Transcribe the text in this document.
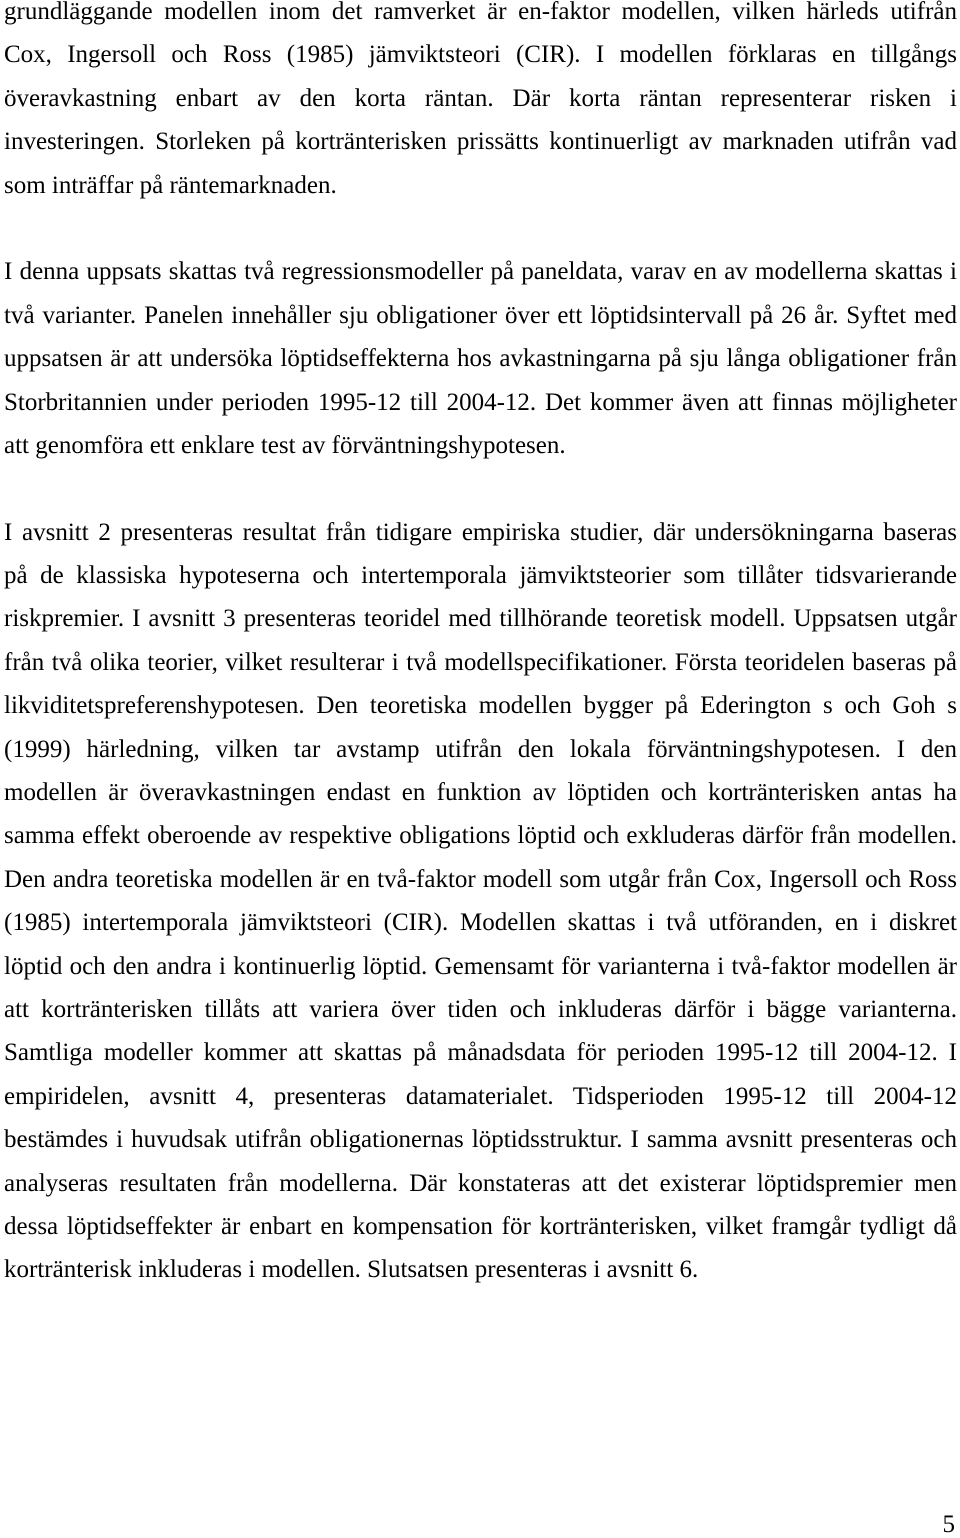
grundläggande modellen inom det ramverket är en-faktor modellen, vilken härleds utifrån
Cox, Ingersoll och Ross (1985) jämviktsteori (CIR). I modellen förklaras en tillgångs
överavkastning enbart av den korta räntan. Där korta räntan representerar risken i
investeringen. Storleken på kortränterisken prissätts kontinuerligt av marknaden utifrån vad
som inträffar på räntemarknaden.
I denna uppsats skattas två regressionsmodeller på paneldata, varav en av modellerna skattas i
två varianter. Panelen innehåller sju obligationer över ett löptidsintervall på 26 år. Syftet med
uppsatsen är att undersöka löptidseffekterna hos avkastningarna på sju långa obligationer från
Storbritannien under perioden 1995-12 till 2004-12. Det kommer även att finnas möjligheter
att genomföra ett enklare test av förväntningshypotesen.
I avsnitt 2 presenteras resultat från tidigare empiriska studier, där undersökningarna baseras
på de klassiska hypoteserna och intertemporala jämviktsteorier som tillåter tidsvarierande
riskpremier. I avsnitt 3 presenteras teoridel med tillhörande teoretisk modell. Uppsatsen utgår
från två olika teorier, vilket resulterar i två modellspecifikationer. Första teoridelen baseras på
likviditetspreferenshypotesen. Den teoretiska modellen bygger på Ederington s och Goh s
(1999) härledning, vilken tar avstamp utifrån den lokala förväntningshypotesen. I den
modellen är överavkastningen endast en funktion av löptiden och kortränterisken antas ha
samma effekt oberoende av respektive obligations löptid och exkluderas därför från modellen.
Den andra teoretiska modellen är en två-faktor modell som utgår från Cox, Ingersoll och Ross
(1985) intertemporala jämviktsteori (CIR). Modellen skattas i två utföranden, en i diskret
löptid och den andra i kontinuerlig löptid. Gemensamt för varianterna i två-faktor modellen är
att kortränterisken tillåts att variera över tiden och inkluderas därför i bägge varianterna.
Samtliga modeller kommer att skattas på månadsdata för perioden 1995-12 till 2004-12. I
empiridelen, avsnitt 4, presenteras datamaterialet. Tidsperioden 1995-12 till 2004-12
bestämdes i huvudsak utifrån obligationernas löptidsstruktur. I samma avsnitt presenteras och
analyseras resultaten från modellerna. Där konstateras att det existerar löptidspremier men
dessa löptidseffekter är enbart en kompensation för kortränterisken, vilket framgår tydligt då
kortränterisk inkluderas i modellen. Slutsatsen presenteras i avsnitt 6.
5
